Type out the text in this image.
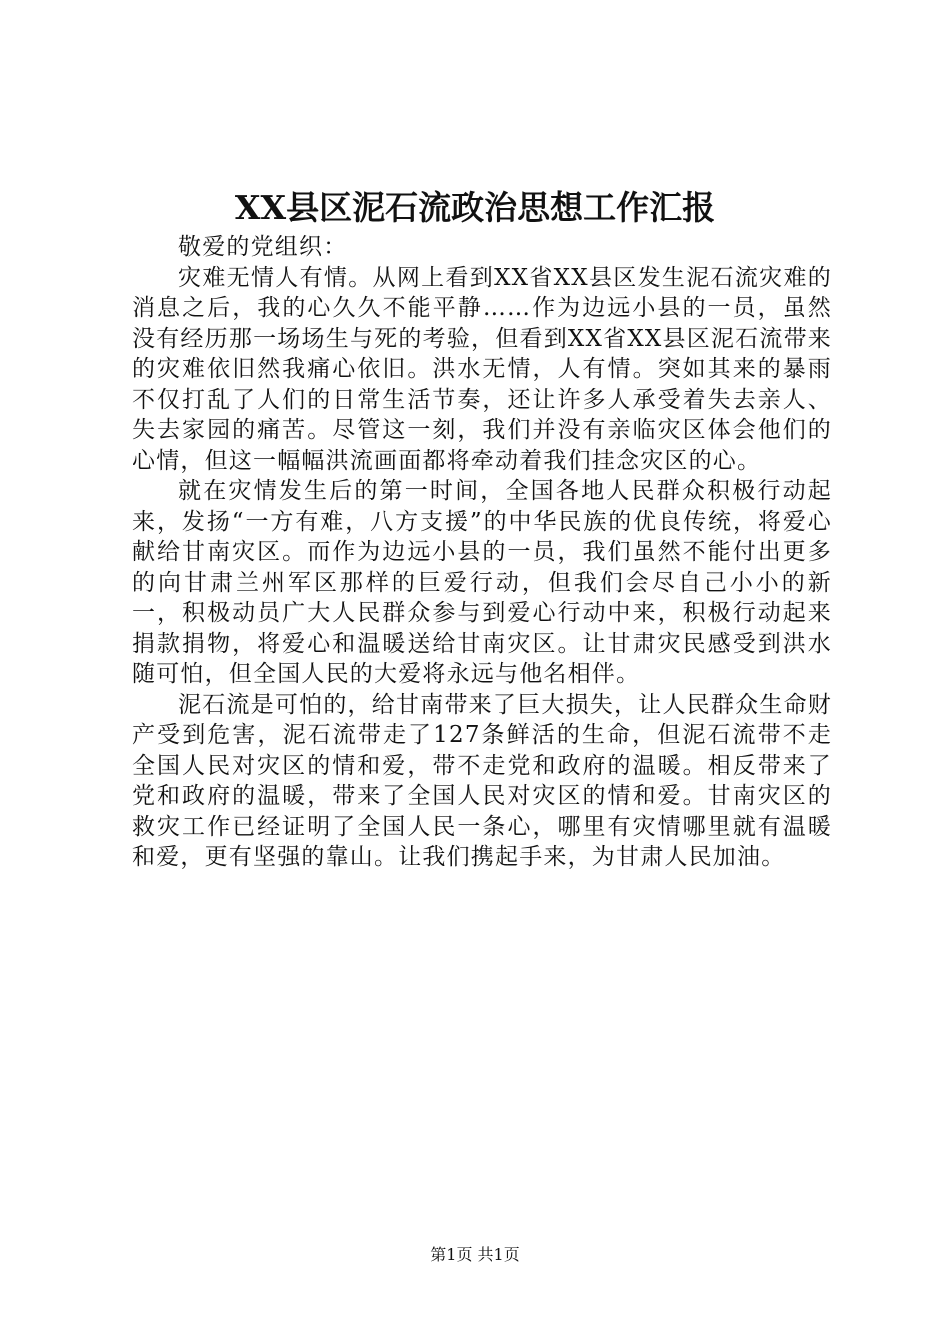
XX县区泥石流政治思想工作汇报

敬爱的党组织：

灾难无情人有情。从网上看到XX省XX县区发生泥石流灾难的消息之后，我的心久久不能平静……作为边远小县的一员，虽然没有经历那一场场生与死的考验，但看到XX省XX县区泥石流带来的灾难依旧然我痛心依旧。洪水无情，人有情。突如其来的暴雨不仅打乱了人们的日常生活节奏，还让许多人承受着失去亲人、失去家园的痛苦。尽管这一刻，我们并没有亲临灾区体会他们的心情，但这一幅幅洪流画面都将牵动着我们挂念灾区的心。

就在灾情发生后的第一时间，全国各地人民群众积极行动起来，发扬“一方有难，八方支援”的中华民族的优良传统，将爱心献给甘南灾区。而作为边远小县的一员，我们虽然不能付出更多的向甘肃兰州军区那样的巨爱行动，但我们会尽自己小小的新一，积极动员广大人民群众参与到爱心行动中来，积极行动起来捐款捐物，将爱心和温暖送给甘南灾区。让甘肃灾民感受到洪水随可怕，但全国人民的大爱将永远与他名相伴。

泥石流是可怕的，给甘南带来了巨大损失，让人民群众生命财产受到危害，泥石流带走了127条鲜活的生命，但泥石流带不走全国人民对灾区的情和爱，带不走党和政府的温暖。相反带来了党和政府的温暖，带来了全国人民对灾区的情和爱。甘南灾区的救灾工作已经证明了全国人民一条心，哪里有灾情哪里就有温暖和爱，更有坚强的靠山。让我们携起手来，为甘肃人民加油。

第1页 共1页
